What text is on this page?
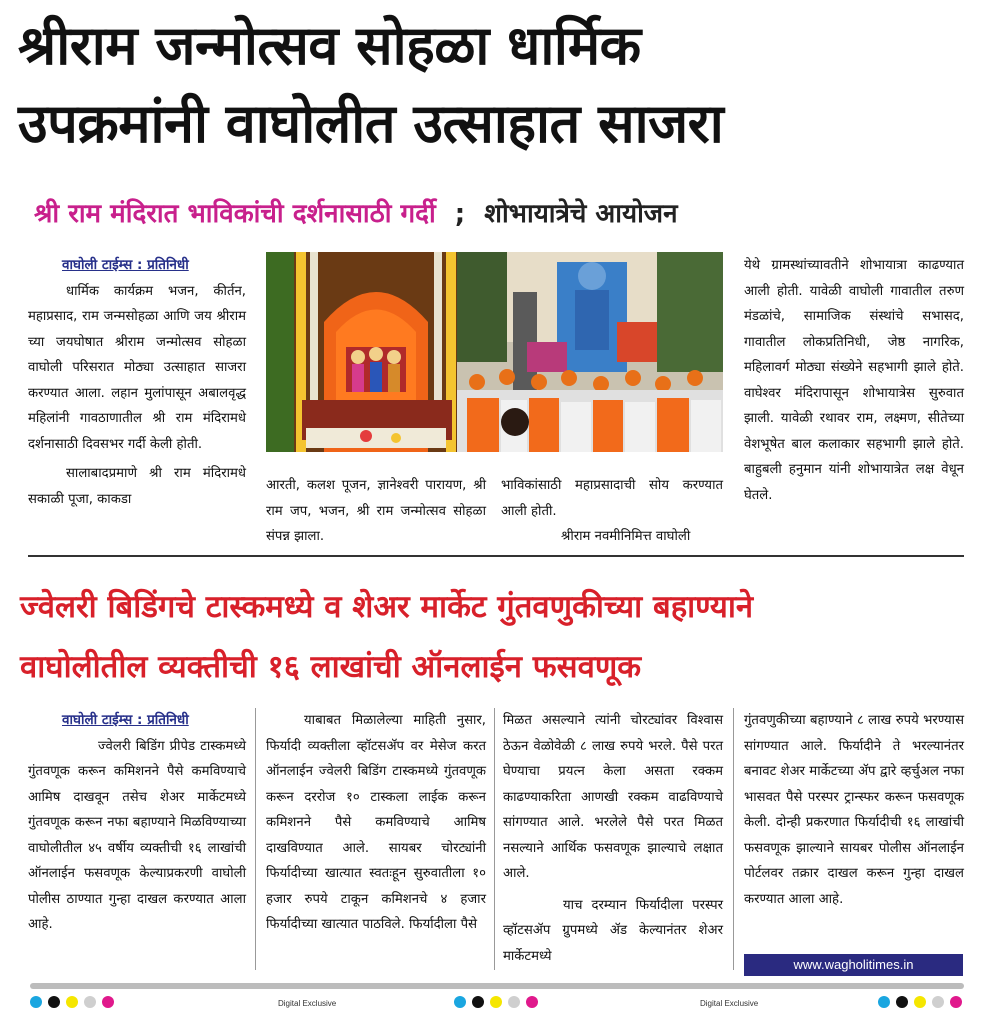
श्रीराम जन्मोत्सव सोहळा धार्मिक
उपक्रमांनी वाघोलीत उत्साहात साजरा
श्री राम मंदिरात भाविकांची दर्शनासाठी गर्दी ; शोभायात्रेचे आयोजन

वाघोली टाईम्स : प्रतिनिधी

धार्मिक कार्यक्रम भजन, कीर्तन, महाप्रसाद, राम जन्मसोहळा आणि जय श्रीराम च्या जयघोषात श्रीराम जन्मोत्सव सोहळा वाघोली परिसरात मोठ्या उत्साहात साजरा करण्यात आला. लहान मुलांपासून अबालवृद्ध महिलांनी गावठाणातील श्री राम मंदिरामधे दर्शनासाठी दिवसभर गर्दी केली होती.

सालाबादप्रमाणे श्री राम मंदिरामधे सकाळी पूजा, काकडा

आरती, कलश पूजन, ज्ञानेश्वरी पारायण, श्री राम जप, भजन, श्री राम जन्मोत्सव सोहळा संपन्न झाला.

भाविकांसाठी महाप्रसादाची सोय करण्यात आली होती.

श्रीराम नवमीनिमित्त वाघोली

येथे ग्रामस्थांच्यावतीने शोभायात्रा काढण्यात आली होती. यावेळी वाघोली गावातील तरुण मंडळांचे, सामाजिक संस्थांचे सभासद, गावातील लोकप्रतिनिधी, जेष्ठ नागरिक, महिलावर्ग मोठ्या संख्येने सहभागी झाले होते. वाघेश्वर मंदिरापासून शोभायात्रेस सुरुवात झाली. यावेळी रथावर राम, लक्ष्मण, सीतेच्या वेशभूषेत बाल कलाकार सहभागी झाले होते. बाहुबली हनुमान यांनी शोभायात्रेत लक्ष वेधून घेतले.

ज्वेलरी बिडिंगचे टास्कमध्ये व शेअर मार्केट गुंतवणुकीच्या बहाण्याने
वाघोलीतील व्यक्तीची १६ लाखांची ऑनलाईन फसवणूक

वाघोली टाईम्स : प्रतिनिधी

ज्वेलरी बिडिंग प्रीपेड टास्कमध्ये गुंतवणूक करून कमिशनने पैसे कमविण्याचे आमिष दाखवून तसेच शेअर मार्केटमध्ये गुंतवणूक करून नफा बहाण्याने मिळविण्याच्या वाघोलीतील ४५ वर्षीय व्यक्तीची १६ लाखांची ऑनलाईन फसवणूक केल्याप्रकरणी वाघोली पोलीस ठाण्यात गुन्हा दाखल करण्यात आला आहे.

याबाबत मिळालेल्या माहिती नुसार, फिर्यादी व्यक्तीला व्हॉटसॲप वर मेसेज करत ऑनलाईन ज्वेलरी बिडिंग टास्कमध्ये गुंतवणूक करून दररोज १० टास्कला लाईक करून कमिशनने पैसे कमविण्याचे आमिष दाखविण्यात आले. सायबर चोरट्यांनी फिर्यादीच्या खात्यात स्वतःहून सुरुवातीला १० हजार रुपये टाकून कमिशनचे ४ हजार फिर्यादीच्या खात्यात पाठविले. फिर्यादीला पैसे

मिळत असल्याने त्यांनी चोरट्यांवर विश्वास ठेऊन वेळोवेळी ८ लाख रुपये भरले. पैसे परत घेण्याचा प्रयत्न केला असता रक्कम काढण्याकरिता आणखी रक्कम वाढविण्याचे सांगण्यात आले. भरलेले पैसे परत मिळत नसल्याने आर्थिक फसवणूक झाल्याचे लक्षात आले.

याच दरम्यान फिर्यादीला परस्पर व्हॉटसॲप ग्रुपमध्ये ॲड केल्यानंतर शेअर मार्केटमध्ये

गुंतवणुकीच्या बहाण्याने ८ लाख रुपये भरण्यास सांगण्यात आले. फिर्यादीने ते भरल्यानंतर बनावट शेअर मार्केटच्या ॲप द्वारे व्हर्चुअल नफा भासवत पैसे परस्पर ट्रान्स्फर करून फसवणूक केली. दोन्ही प्रकरणात फिर्यादीची १६ लाखांची फसवणूक झाल्याने सायबर पोलीस ऑनलाईन पोर्टलवर तक्रार दाखल करून गुन्हा दाखल करण्यात आला आहे.

www.wagholitimes.in
Digital Exclusive	Digital Exclusive
